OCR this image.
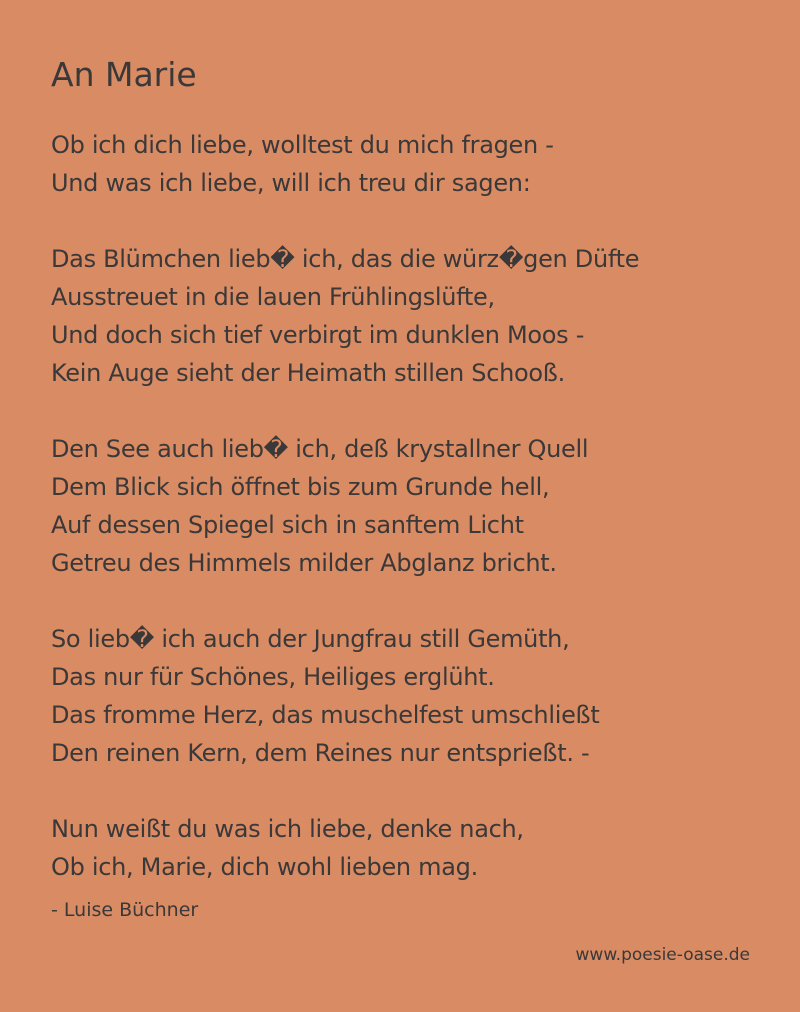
An Marie
Ob ich dich liebe, wolltest du mich fragen -
Und was ich liebe, will ich treu dir sagen:
Das Blümchen lieb� ich, das die würz�gen Düfte
Ausstreuet in die lauen Frühlingslüfte,
Und doch sich tief verbirgt im dunklen Moos -
Kein Auge sieht der Heimath stillen Schooß.
Den See auch lieb� ich, deß krystallner Quell
Dem Blick sich öffnet bis zum Grunde hell,
Auf dessen Spiegel sich in sanftem Licht
Getreu des Himmels milder Abglanz bricht.
So lieb� ich auch der Jungfrau still Gemüth,
Das nur für Schönes, Heiliges erglüht.
Das fromme Herz, das muschelfest umschließt
Den reinen Kern, dem Reines nur entsprießt. -
Nun weißt du was ich liebe, denke nach,
Ob ich, Marie, dich wohl lieben mag.
- Luise Büchner
www.poesie-oase.de
